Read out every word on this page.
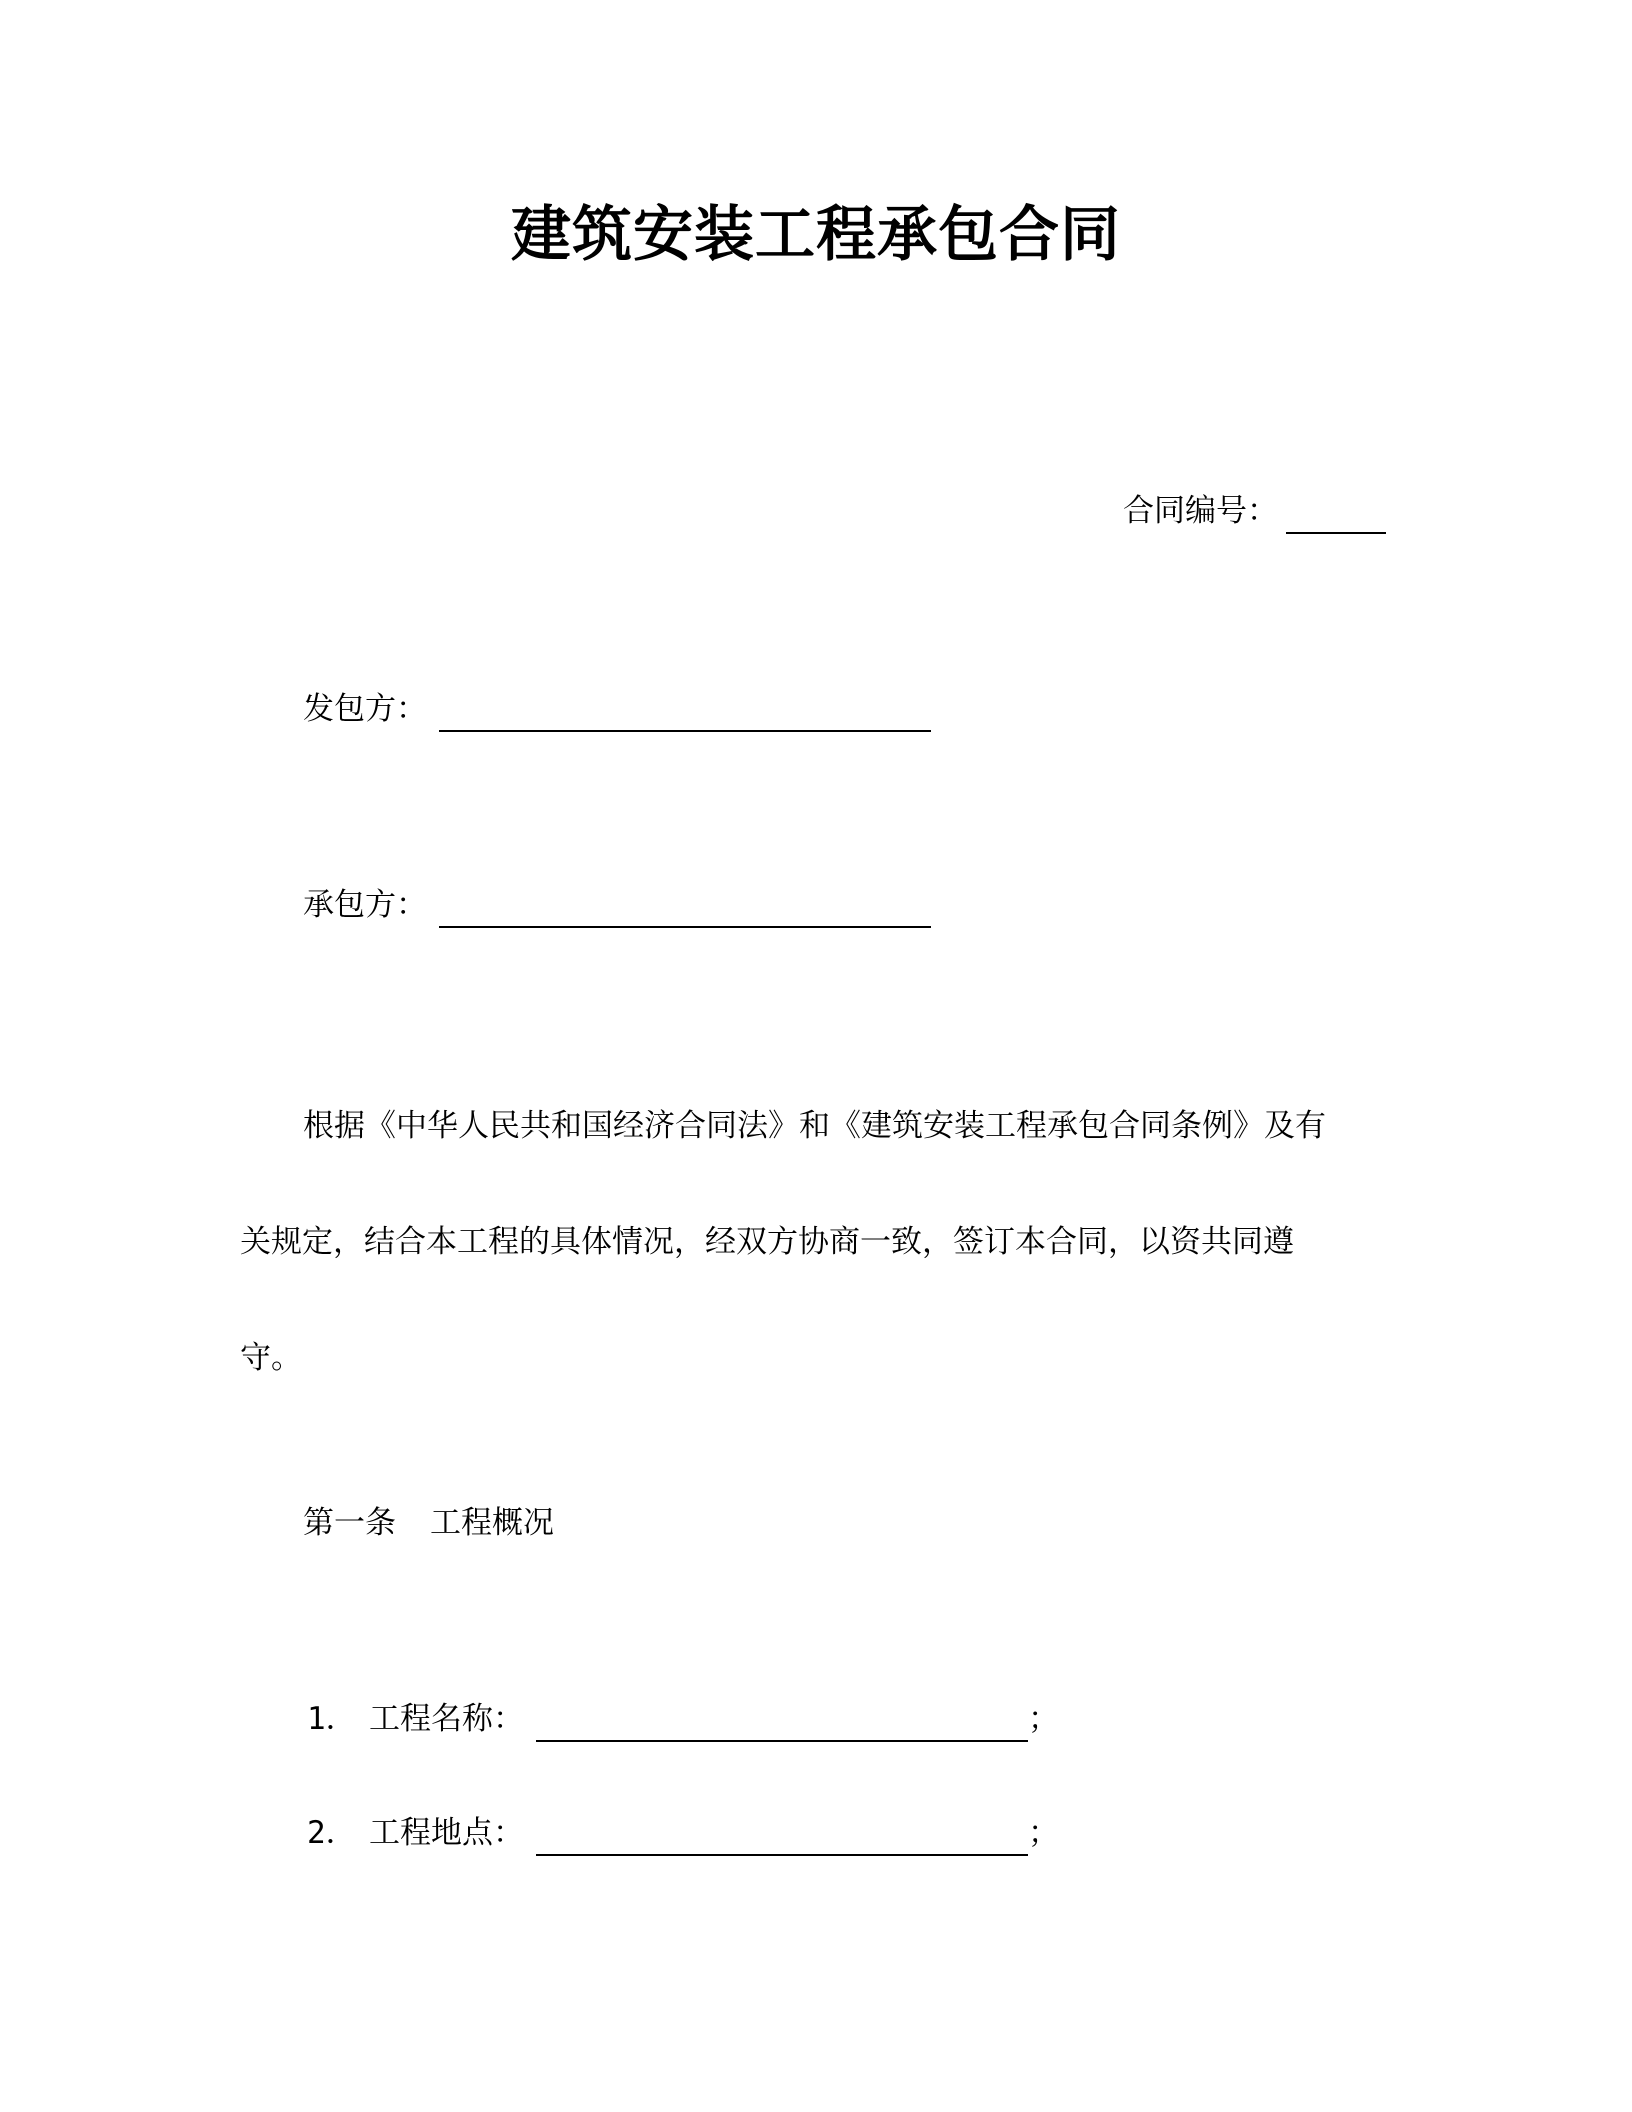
建筑安装工程承包合同
合同编号：
发包方：
承包方：

根据《中华人民共和国经济合同法》和《建筑安装工程承包合同条例》及有

关规定，结合本工程的具体情况，经双方协商一致，签订本合同，以资共同遵

守。

第一条 工程概况
1． 工程名称：	；
2． 工程地点：	；
